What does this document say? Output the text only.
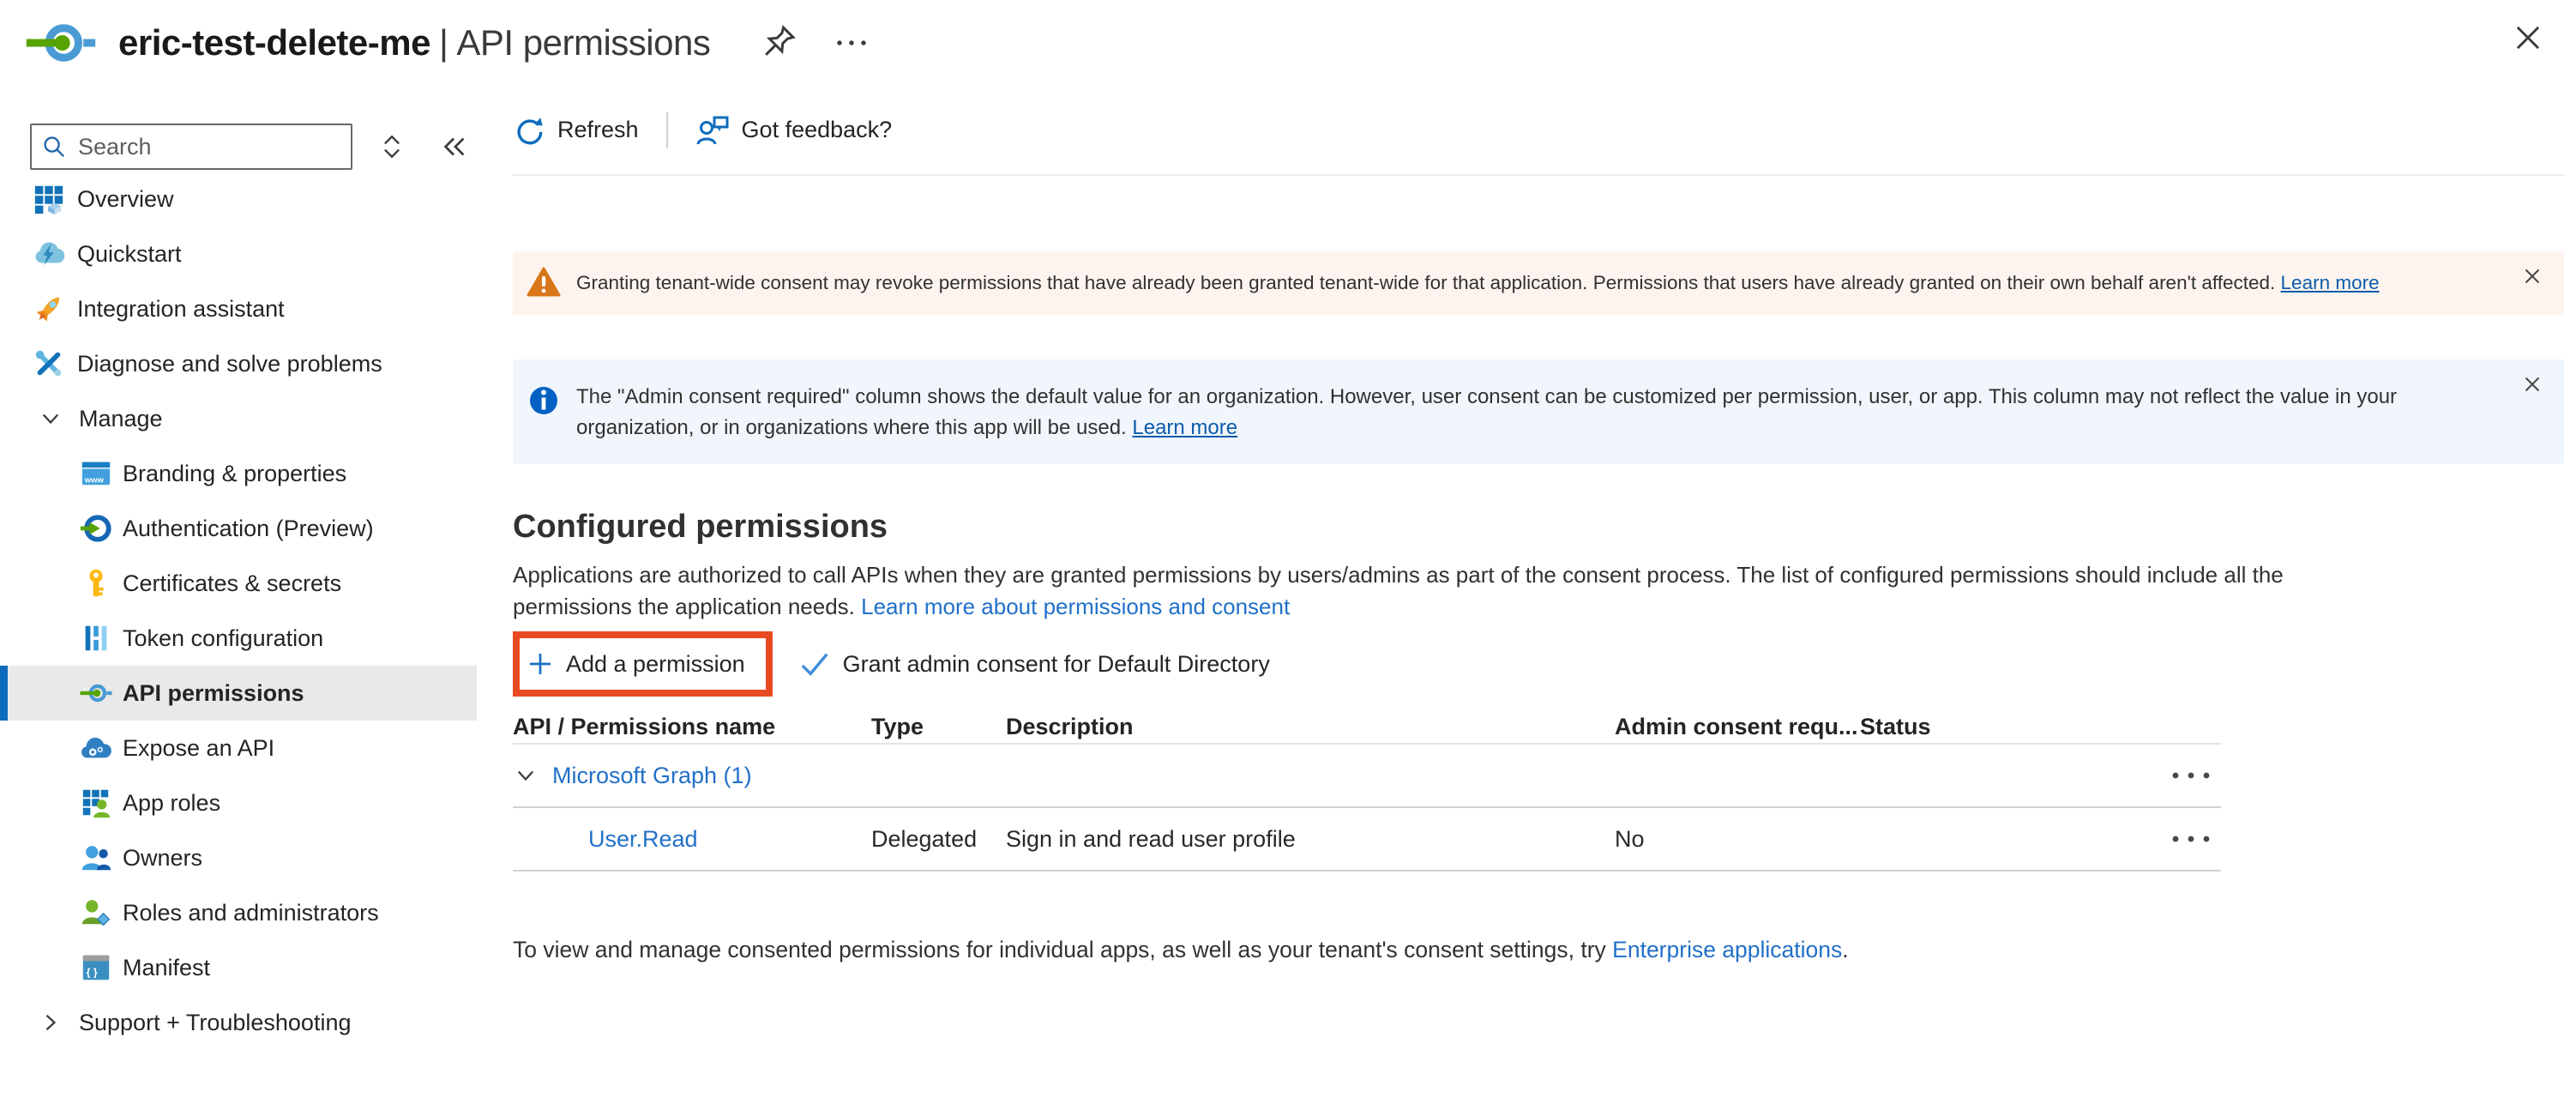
eric-test-delete-me | API permissions
Search
Overview
Quickstart
Integration assistant
Diagnose and solve problems
Manage
www Branding & properties
Authentication (Preview)
Certificates & secrets
Token configuration
API permissions
Expose an API
App roles
Owners
Roles and administrators
{ } Manifest
Support + Troubleshooting
Refresh	Got feedback?
Granting tenant-wide consent may revoke permissions that have already been granted tenant-wide for that application. Permissions that users have already granted on their own behalf aren't affected. Learn more
The "Admin consent required" column shows the default value for an organization. However, user consent can be customized per permission, user, or app. This column may not reflect the value in your organization, or in organizations where this app will be used. Learn more
Configured permissions
Applications are authorized to call APIs when they are granted permissions by users/admins as part of the consent process. The list of configured permissions should include all the permissions the application needs. Learn more about permissions and consent
Add a permission	Grant admin consent for Default Directory
API / Permissions name	Type	Description	Admin consent requ... Status
Microsoft Graph (1)
User.Read	Delegated	Sign in and read user profile	No
To view and manage consented permissions for individual apps, as well as your tenant's consent settings, try Enterprise applications.
